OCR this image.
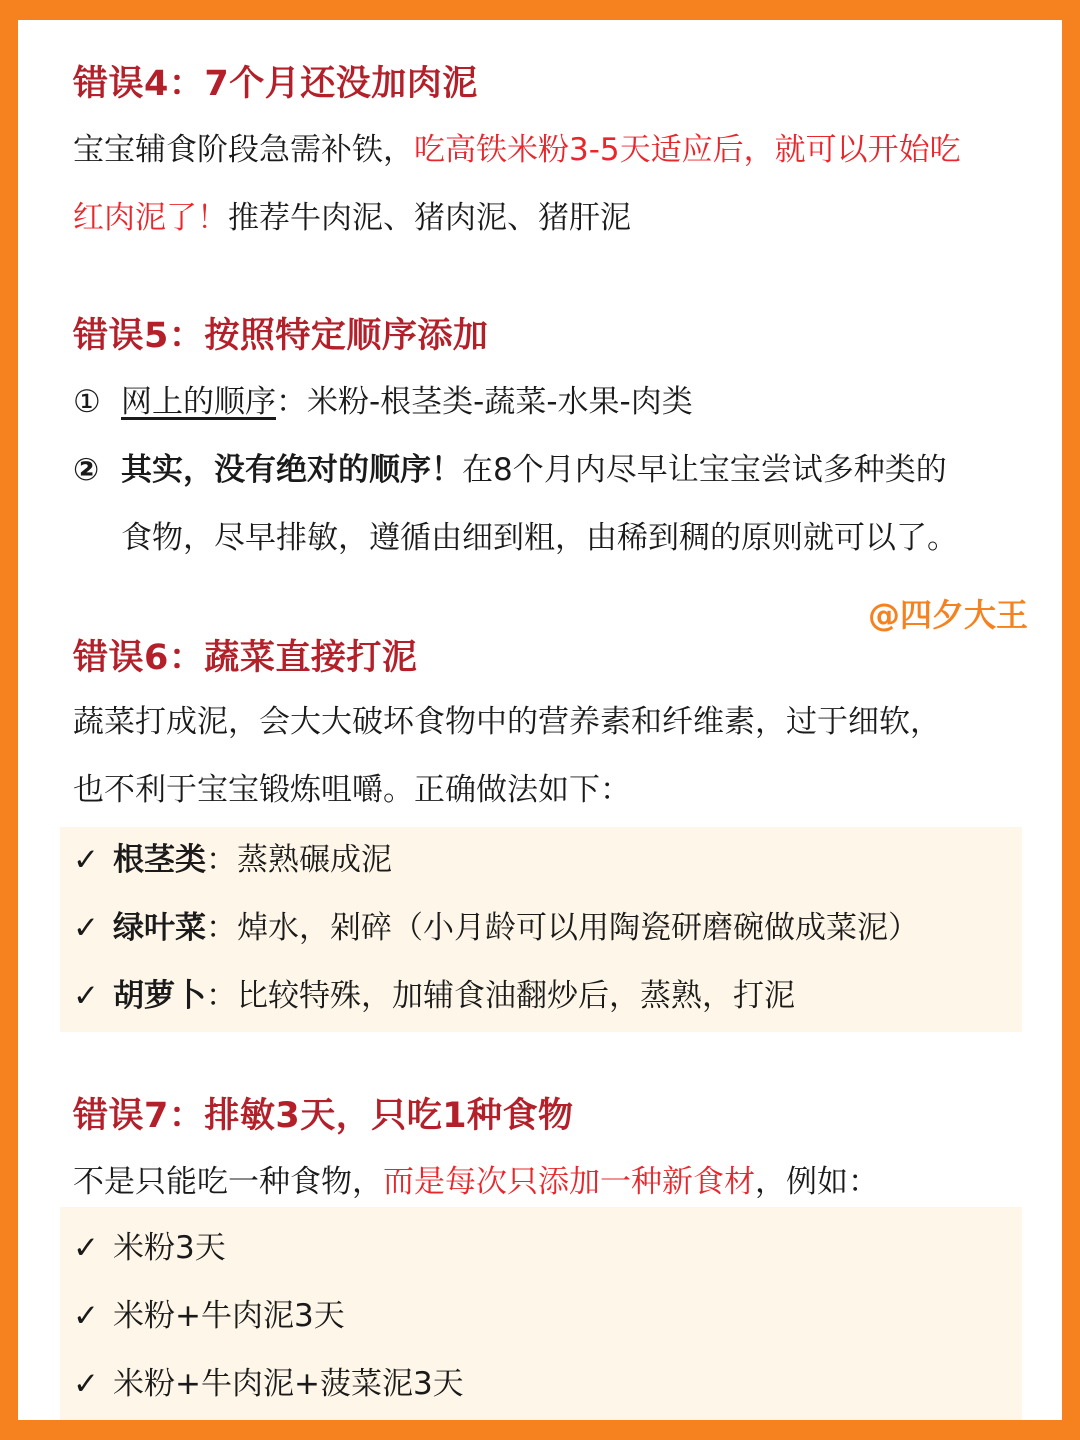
错误4：7个月还没加肉泥
宝宝辅食阶段急需补铁，吃高铁米粉3-5天适应后，就可以开始吃
红肉泥了！推荐牛肉泥、猪肉泥、猪肝泥
错误5：按照特定顺序添加
① 网上的顺序：米粉-根茎类-蔬菜-水果-肉类
② 其实，没有绝对的顺序！在8个月内尽早让宝宝尝试多种类的
食物，尽早排敏，遵循由细到粗，由稀到稠的原则就可以了。
@四夕大王
错误6：蔬菜直接打泥
蔬菜打成泥，会大大破坏食物中的营养素和纤维素，过于细软，
也不利于宝宝锻炼咀嚼。正确做法如下：
✓ 根茎类：蒸熟碾成泥
✓ 绿叶菜：焯水，剁碎（小月龄可以用陶瓷研磨碗做成菜泥）
✓ 胡萝卜：比较特殊，加辅食油翻炒后，蒸熟，打泥
错误7：排敏3天，只吃1种食物
不是只能吃一种食物，而是每次只添加一种新食材，例如：
✓ 米粉3天
✓ 米粉+牛肉泥3天
✓ 米粉+牛肉泥+菠菜泥3天
